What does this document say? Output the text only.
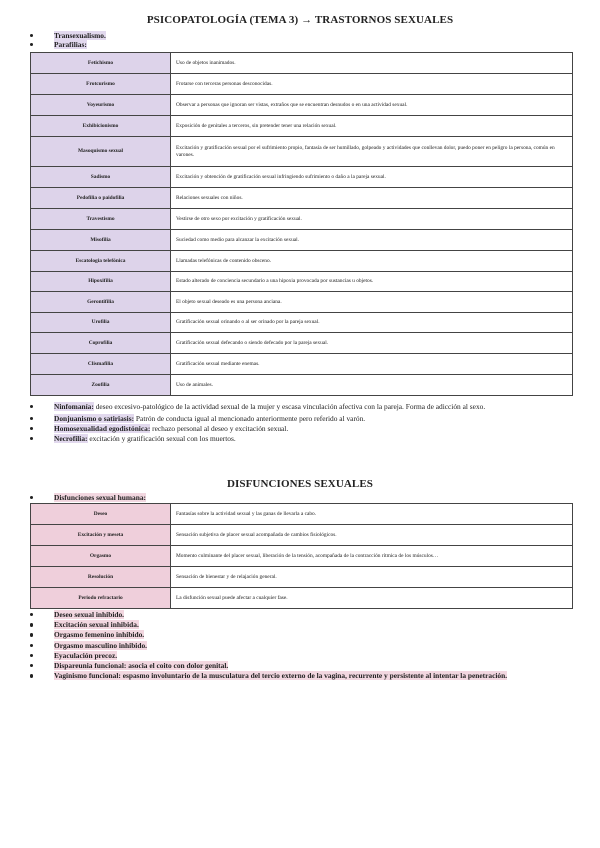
PSICOPATOLOGÍA (TEMA 3) → TRASTORNOS SEXUALES
Transexualismo.
Parafilias:
Fetichismo	Uso de objetos inanimados.
Frotcurismo	Frotarse con terceras personas desconocidas.
Voyeurismo	Observar a personas que ignoran ser vistas, extraños que se encuentran desnudos o en una actividad sexual.
Exhibicionismo	Exposición de genitales a terceros, sin pretender tener una relación sexual.
Masoquismo sexual	Excitación y gratificación sexual por el sufrimiento propio, fantasía de ser humillado, golpeado y actividades que conllevan dolor, puedo poner en peligro la persona, común en varones.
Sadismo	Excitación y obtención de gratificación sexual infringiendo sufrimiento o daño a la pareja sexual.
Pedofilia o paidofilia	Relaciones sexuales con niños.
Travestismo	Vestirse de otro sexo por excitación y gratificación sexual.
Misofilia	Suciedad como medio para alcanzar la excitación sexual.
Escatologia telefónica	Llamadas telefónicas de contenido obsceno.
Hipoxifilia	Estado alterado de conciencia secundario a una hipoxia provocada por sustancias u objetos.
Gerontifilia	El objeto sexual deseado es una persona anciana.
Urofilia	Gratificación sexual orinando o al ser orinado por la pareja sexual.
Coprofilia	Gratificación sexual defecando o siendo defecado por la pareja sexual.
Clismafilia	Gratificación sexual mediante enemas.
Zoofilia	Uso de animales.
Ninfomanía: deseo excesivo-patológico de la actividad sexual de la mujer y escasa vinculación afectiva con la pareja. Forma de adicción al sexo.
Donjuanismo o satiriasis: Patrón de conducta igual al mencionado anteriormente pero referido al varón.
Homosexualidad egodistónica: rechazo personal al deseo y excitación sexual.
Necrofilia: excitación y gratificación sexual con los muertos.
DISFUNCIONES SEXUALES
Disfunciones sexual humana:
Deseo	Fantasías sobre la actividad sexual y las ganas de llevarla a cabo.
Excitación y meseta	Sensación subjetiva de placer sexual acompañada de cambios fisiológicos.
Orgasmo	Momento culminante del placer sexual, liberación de la tensión, acompañada de la contracción rítmica de los músculos…
Resolución	Sensación de bienestar y de relajación general.
Periodo refractario	La disfunción sexual puede afectar a cualquier fase.
Deseo sexual inhibido.
Excitación sexual inhibida.
Orgasmo femenino inhibido.
Orgasmo masculino inhibido.
Eyaculación precoz.
Dispareunia funcional: asocia el coito con dolor genital.
Vaginismo funcional: espasmo involuntario de la musculatura del tercio externo de la vagina, recurrente y persistente al intentar la penetración.
